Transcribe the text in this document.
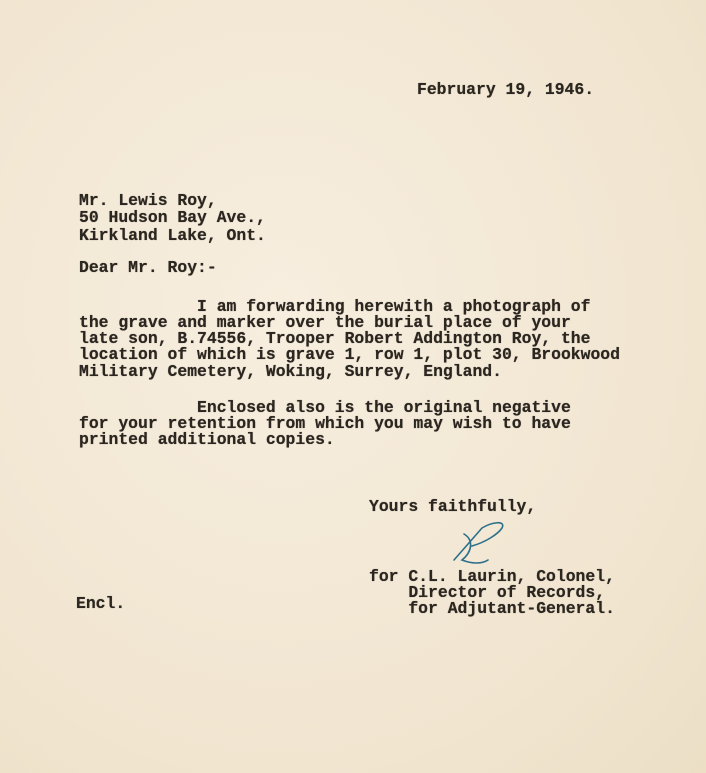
February 19, 1946.
Mr. Lewis Roy,
50 Hudson Bay Ave.,
Kirkland Lake, Ont.
Dear Mr. Roy:-
I am forwarding herewith a photograph of
the grave and marker over the burial place of your
late son, B.74556, Trooper Robert Addington Roy, the
location of which is grave 1, row 1, plot 30, Brookwood
Military Cemetery, Woking, Surrey, England.
Enclosed also is the original negative
for your retention from which you may wish to have
printed additional copies.
Yours faithfully,
for C.L. Laurin, Colonel,
Director of Records,
for Adjutant-General.
Encl.
